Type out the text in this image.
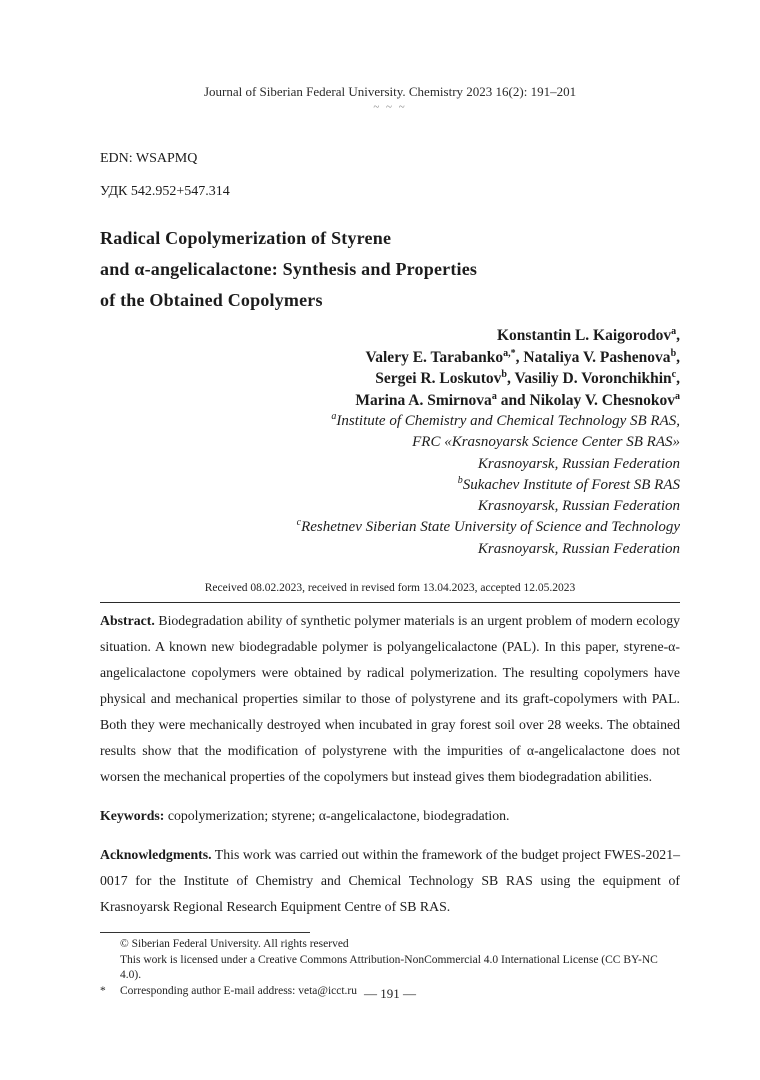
Journal of Siberian Federal University. Chemistry 2023 16(2): 191–201
~ ~ ~
EDN: WSAPMQ
УДК 542.952+547.314
Radical Copolymerization of Styrene
and α-angelicalactone: Synthesis and Properties
of the Obtained Copolymers
Konstantin L. Kaigorodov$^a$,
Valery E. Tarabanko$^{a,*}$, Nataliya V. Pashenova$^b$,
Sergei R. Loskutov$^b$, Vasiliy D. Voronchikhin$^c$,
Marina A. Smirnova$^a$ and Nikolay V. Chesnokov$^a$
$^a$Institute of Chemistry and Chemical Technology SB RAS,
FRC «Krasnoyarsk Science Center SB RAS»
Krasnoyarsk, Russian Federation
$^b$Sukachev Institute of Forest SB RAS
Krasnoyarsk, Russian Federation
$^c$Reshetnev Siberian State University of Science and Technology
Krasnoyarsk, Russian Federation
Received 08.02.2023, received in revised form 13.04.2023, accepted 12.05.2023

Abstract. Biodegradation ability of synthetic polymer materials is an urgent problem of modern ecology situation. A known new biodegradable polymer is polyangelicalactone (PAL). In this paper, styrene-α-angelicalactone copolymers were obtained by radical polymerization. The resulting copolymers have physical and mechanical properties similar to those of polystyrene and its graft-copolymers with PAL. Both they were mechanically destroyed when incubated in gray forest soil over 28 weeks. The obtained results show that the modification of polystyrene with the impurities of α-angelicalactone does not worsen the mechanical properties of the copolymers but instead gives them biodegradation abilities.

Keywords: copolymerization; styrene; α-angelicalactone, biodegradation.

Acknowledgments. This work was carried out within the framework of the budget project FWES-2021–0017 for the Institute of Chemistry and Chemical Technology SB RAS using the equipment of Krasnoyarsk Regional Research Equipment Centre of SB RAS.

© Siberian Federal University. All rights reserved
This work is licensed under a Creative Commons Attribution-NonCommercial 4.0 International License (CC BY-NC 4.0).
* Corresponding author E-mail address: veta@icct.ru — 191 —
